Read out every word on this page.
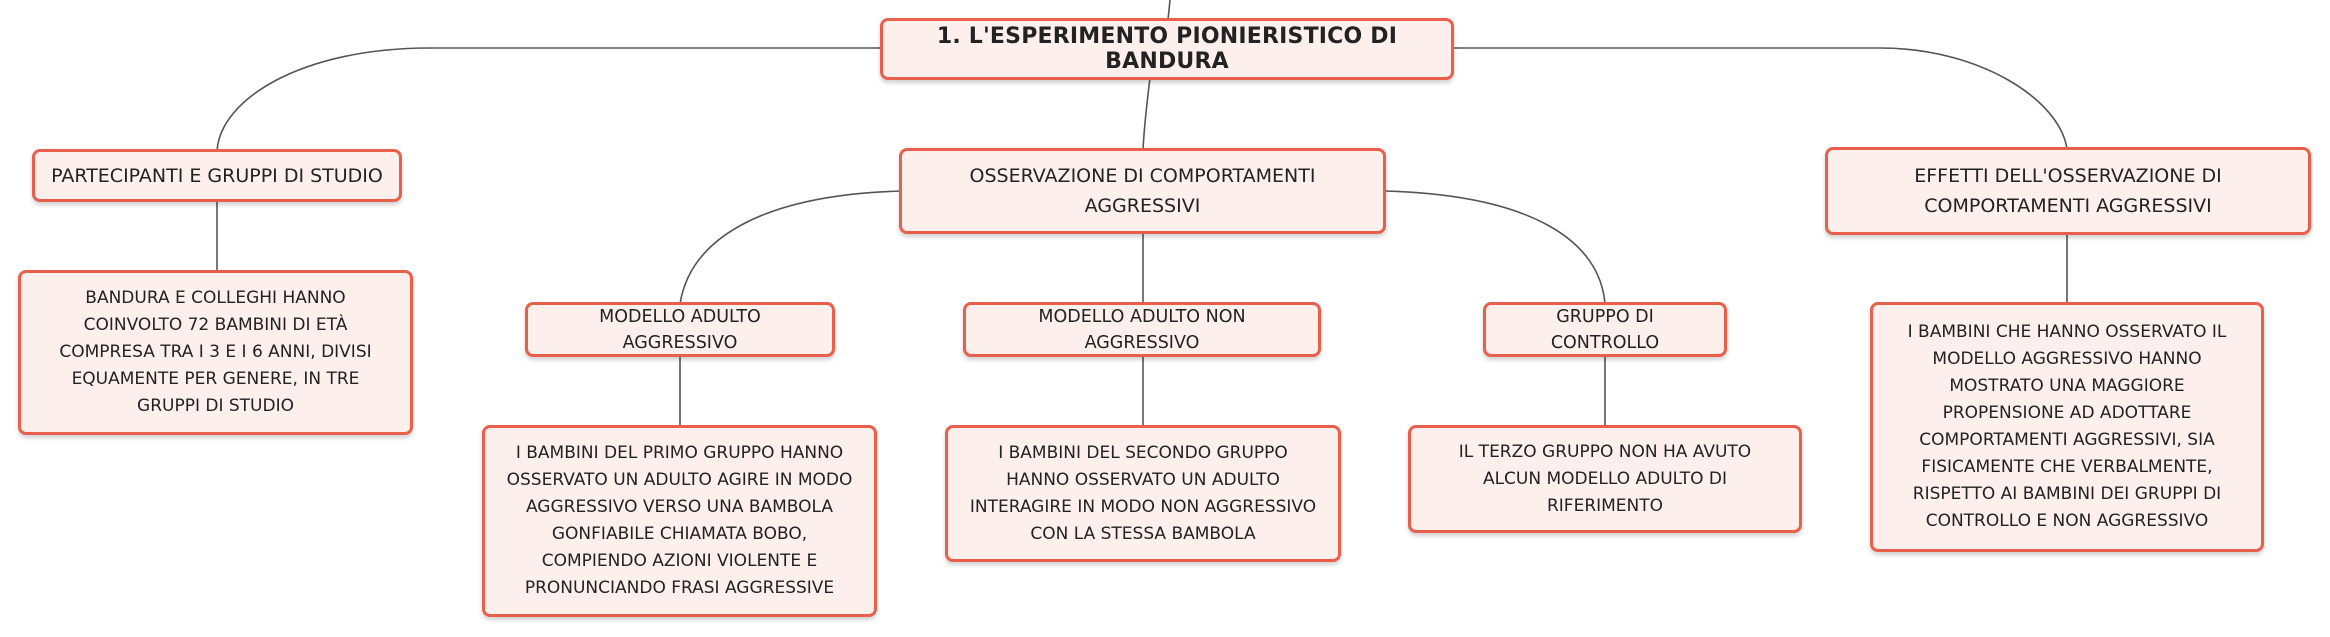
1. L'ESPERIMENTO PIONIERISTICO DI BANDURA
PARTECIPANTI E GRUPPI DI STUDIO
BANDURA E COLLEGHI HANNO COINVOLTO 72 BAMBINI DI ETÀ COMPRESA TRA I 3 E I 6 ANNI, DIVISI EQUAMENTE PER GENERE, IN TRE GRUPPI DI STUDIO
OSSERVAZIONE DI COMPORTAMENTI AGGRESSIVI
MODELLO ADULTO AGGRESSIVO
MODELLO ADULTO NON AGGRESSIVO
GRUPPO DI CONTROLLO
I BAMBINI DEL PRIMO GRUPPO HANNO OSSERVATO UN ADULTO AGIRE IN MODO AGGRESSIVO VERSO UNA BAMBOLA GONFIABILE CHIAMATA BOBO, COMPIENDO AZIONI VIOLENTE E PRONUNCIANDO FRASI AGGRESSIVE
I BAMBINI DEL SECONDO GRUPPO HANNO OSSERVATO UN ADULTO INTERAGIRE IN MODO NON AGGRESSIVO CON LA STESSA BAMBOLA
IL TERZO GRUPPO NON HA AVUTO ALCUN MODELLO ADULTO DI RIFERIMENTO
EFFETTI DELL'OSSERVAZIONE DI COMPORTAMENTI AGGRESSIVI
I BAMBINI CHE HANNO OSSERVATO IL MODELLO AGGRESSIVO HANNO MOSTRATO UNA MAGGIORE PROPENSIONE AD ADOTTARE COMPORTAMENTI AGGRESSIVI, SIA FISICAMENTE CHE VERBALMENTE, RISPETTO AI BAMBINI DEI GRUPPI DI CONTROLLO E NON AGGRESSIVO
